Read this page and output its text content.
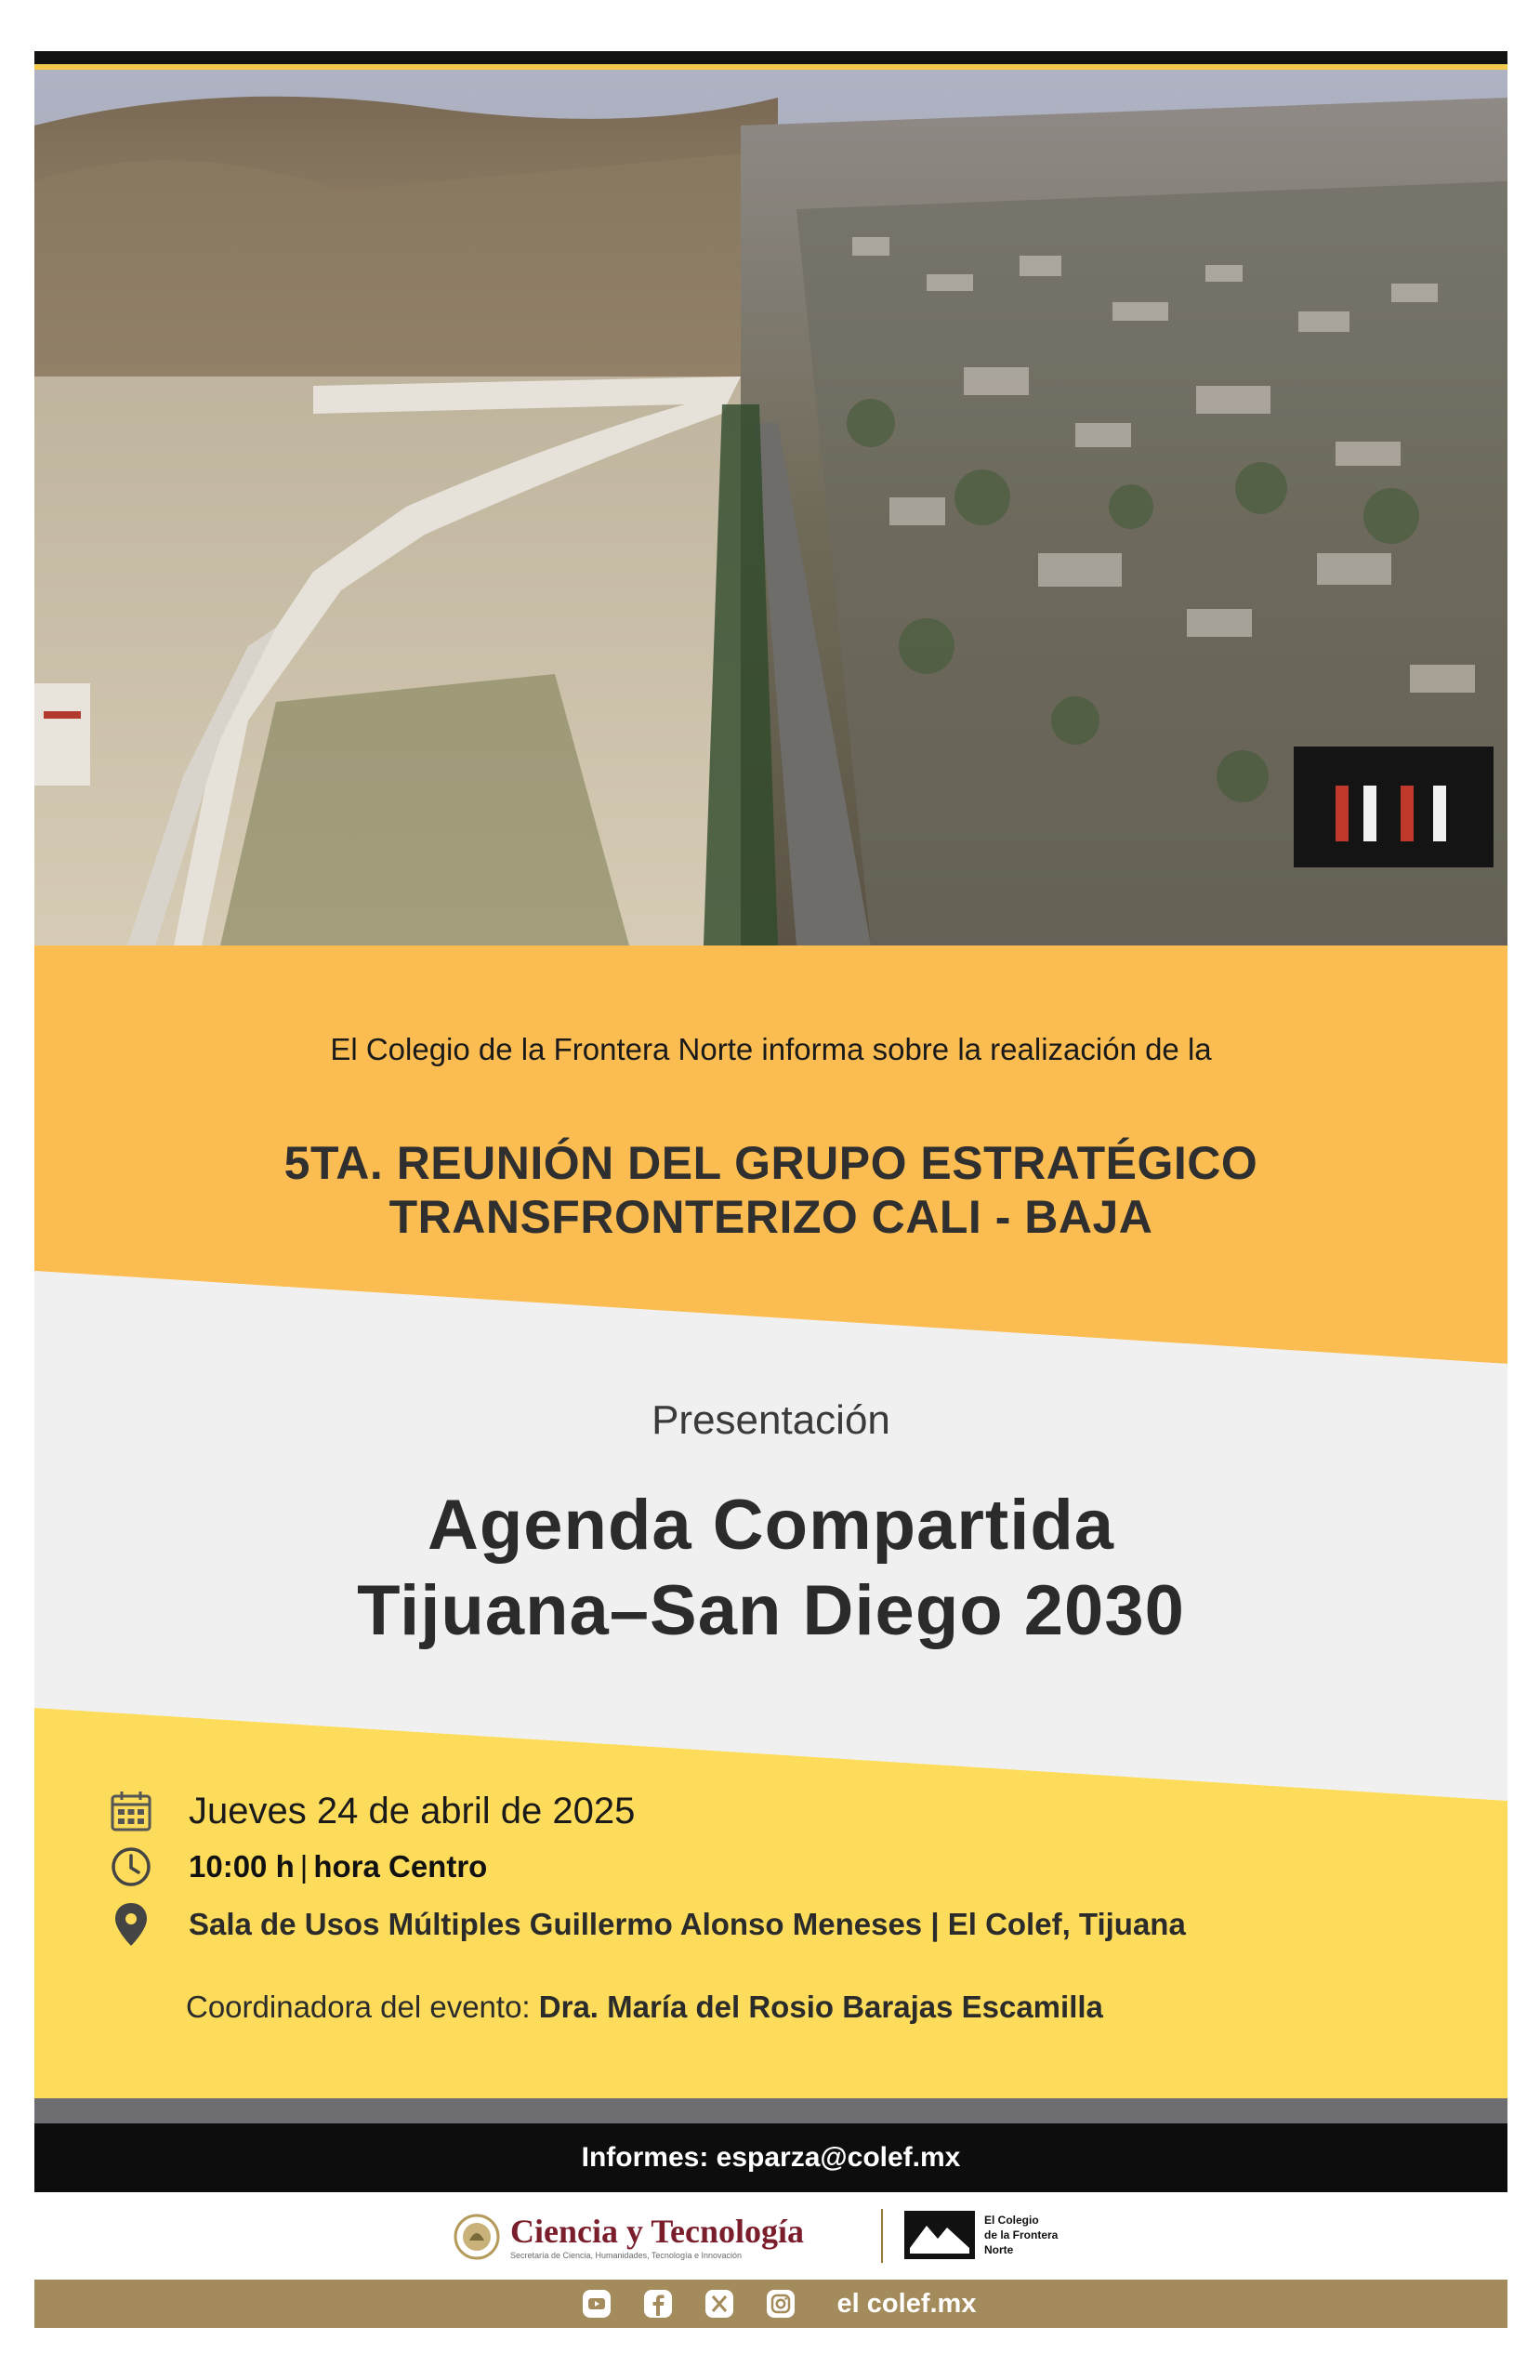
El Colegio de la Frontera Norte informa sobre la realización de la
5TA. REUNIÓN DEL GRUPO ESTRATÉGICO
TRANSFRONTERIZO CALI - BAJA
Presentación
Agenda Compartida
Tijuana–San Diego 2030
Jueves 24 de abril de 2025
10:00 h | hora Centro
Sala de Usos Múltiples Guillermo Alonso Meneses | El Colef, Tijuana
Coordinadora del evento: Dra. María del Rosio Barajas Escamilla
Informes: esparza@colef.mx
Ciencia y Tecnología
Secretaría de Ciencia, Humanidades, Tecnología e Innovación
El Colegio
de la Frontera
Norte
el colef.mx
